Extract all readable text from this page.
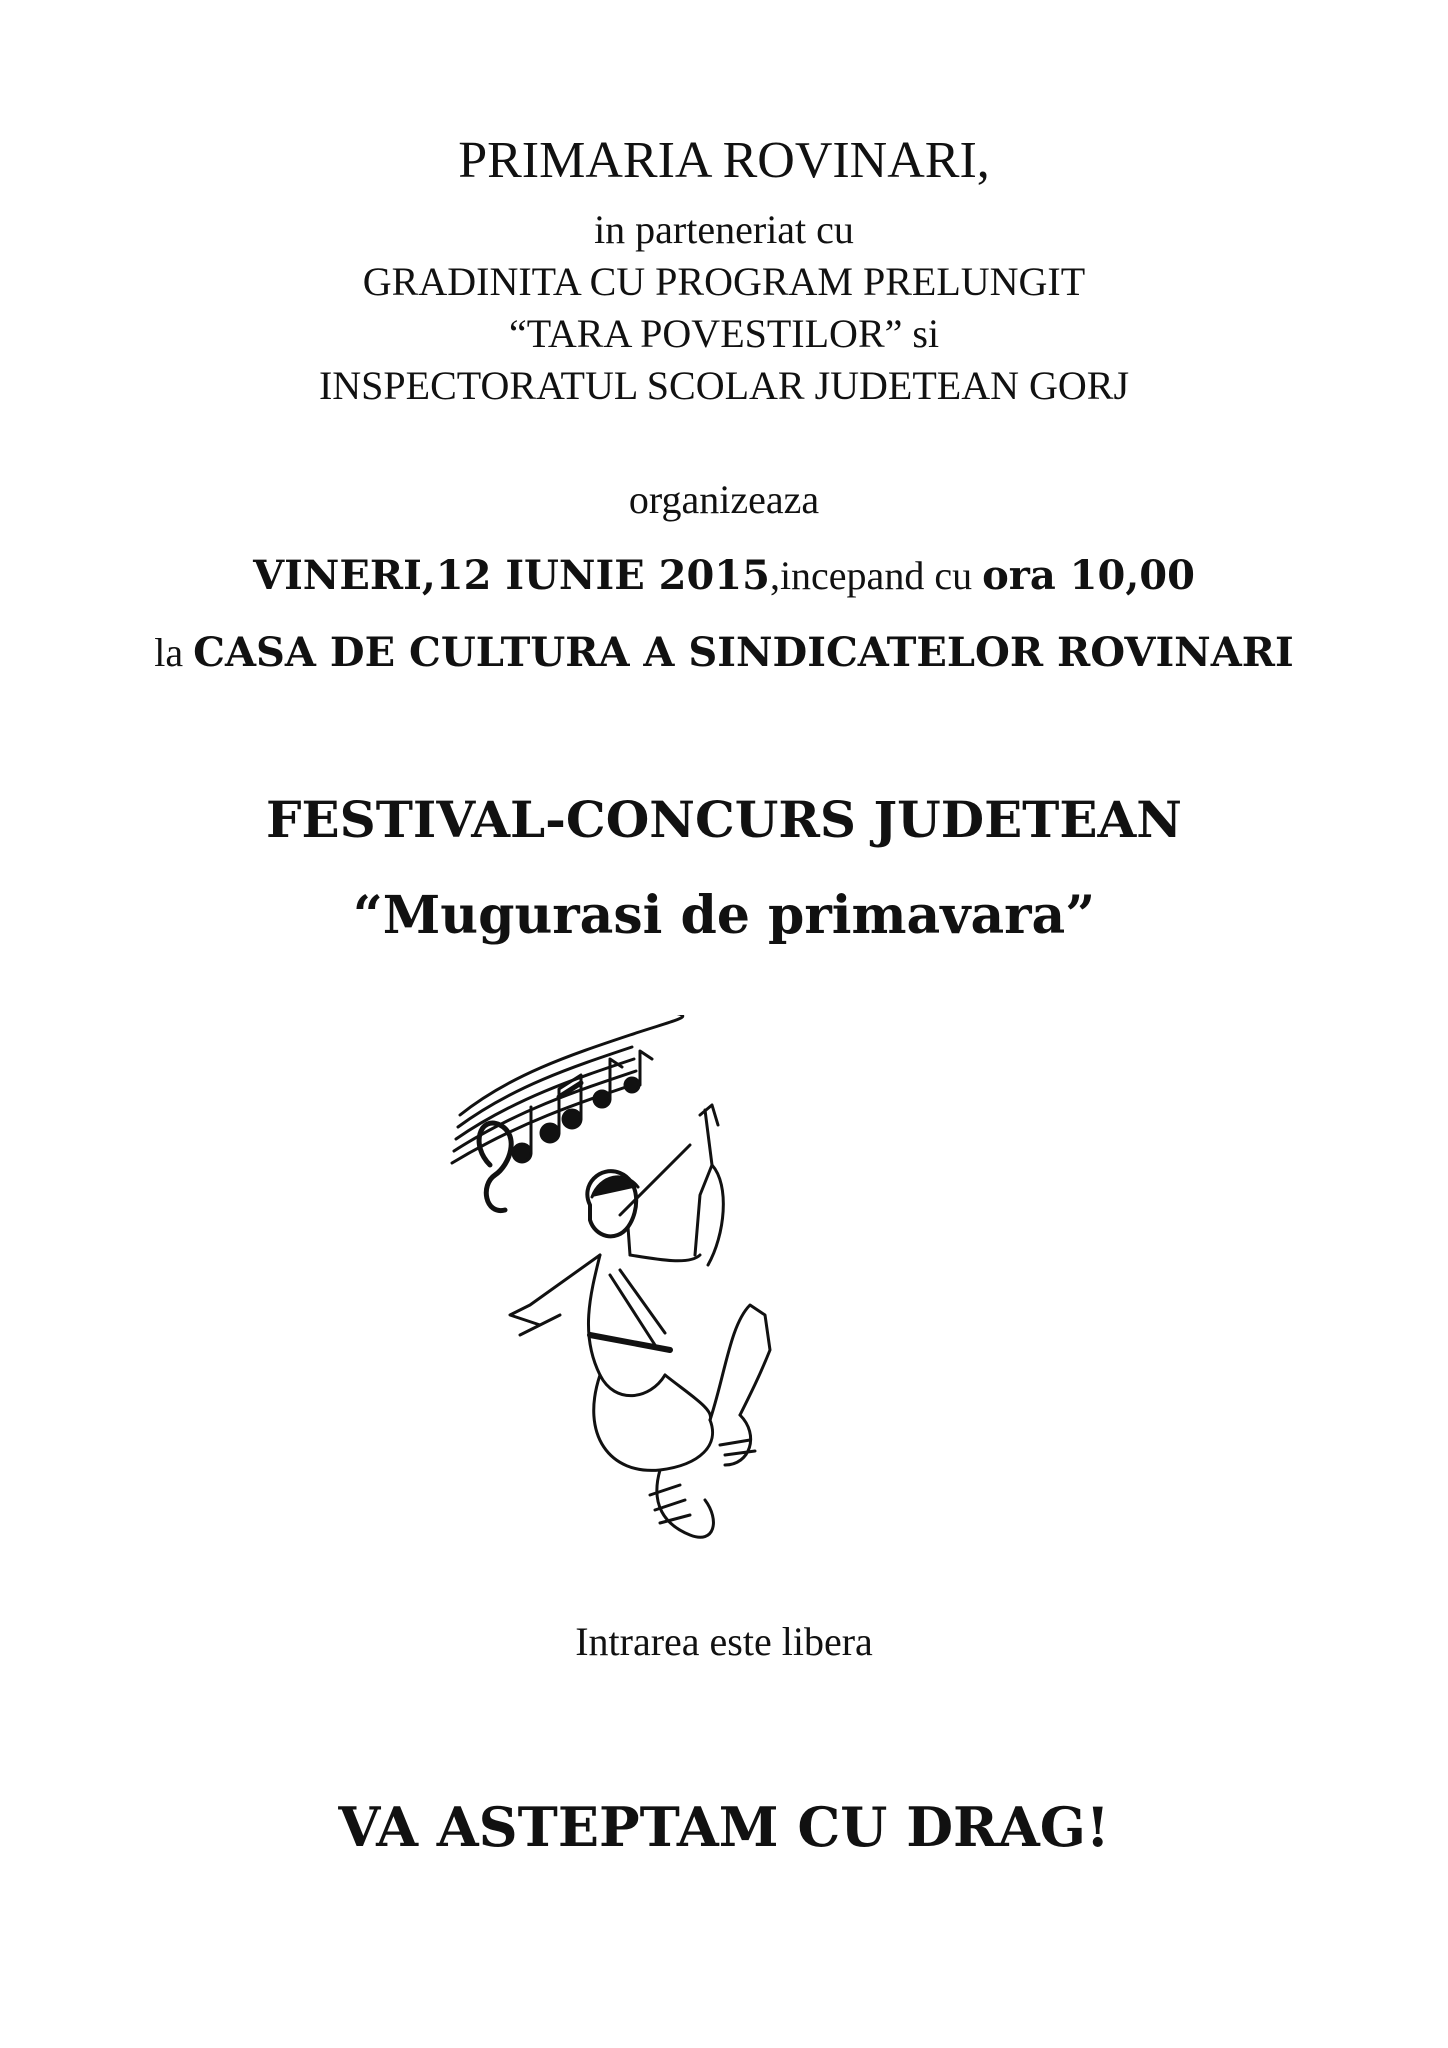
PRIMARIA ROVINARI,
in parteneriat cu
GRADINITA CU PROGRAM PRELUNGIT
“TARA POVESTILOR” si
INSPECTORATUL SCOLAR JUDETEAN GORJ
organizeaza
VINERI,12 IUNIE 2015,incepand cu ora 10,00
la CASA DE CULTURA A SINDICATELOR ROVINARI
FESTIVAL-CONCURS JUDETEAN
“Mugurasi de primavara”
Intrarea este libera
VA ASTEPTAM CU DRAG!
